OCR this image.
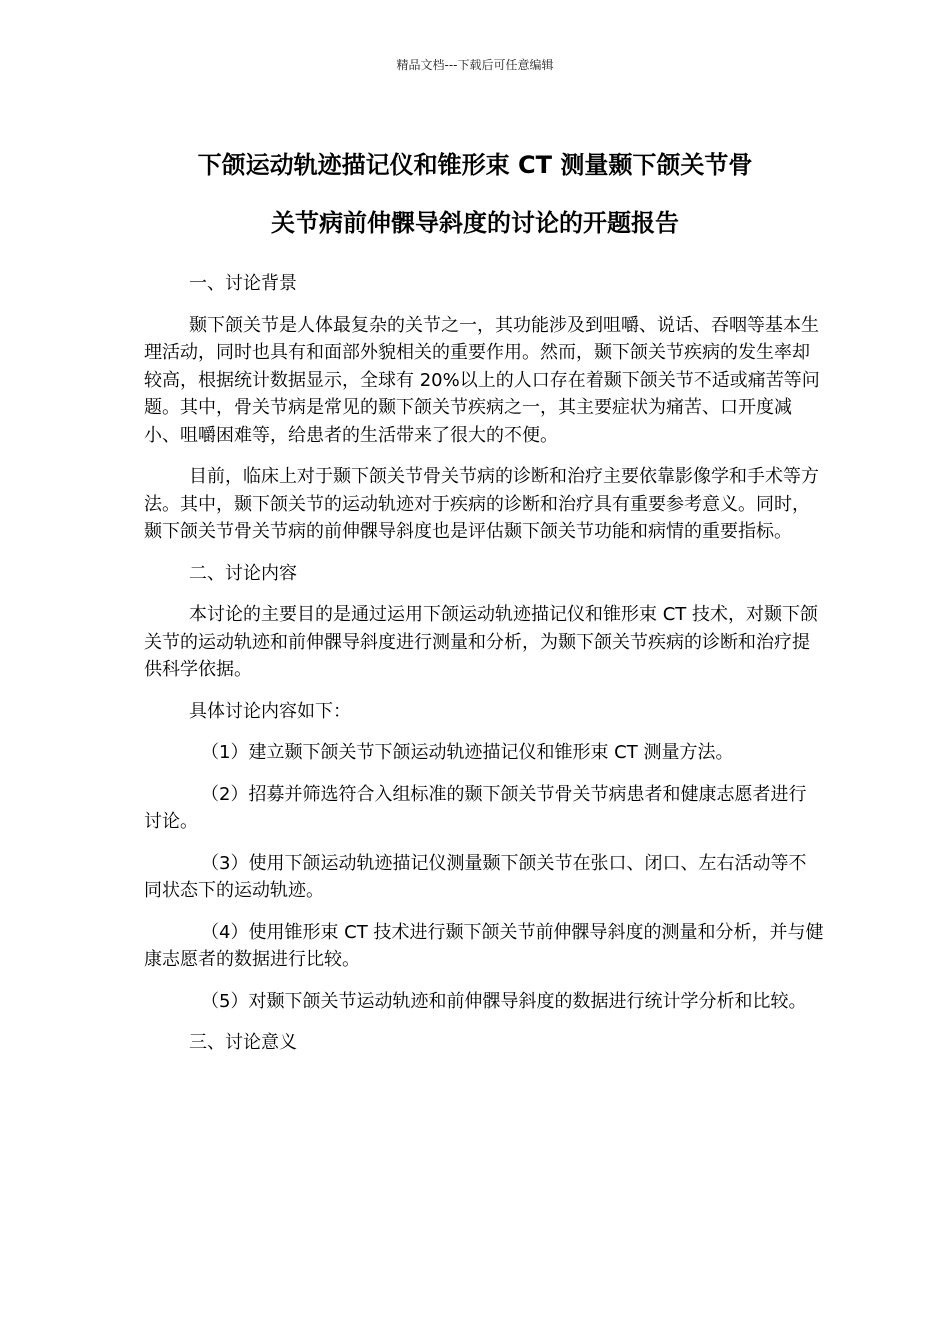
精品文档---下载后可任意编辑
下颌运动轨迹描记仪和锥形束 CT 测量颞下颌关节骨
关节病前伸髁导斜度的讨论的开题报告

一、讨论背景

颞下颌关节是人体最复杂的关节之一，其功能涉及到咀嚼、说话、吞咽等基本生理活动，同时也具有和面部外貌相关的重要作用。然而，颞下颌关节疾病的发生率却较高，根据统计数据显示，全球有 20%以上的人口存在着颞下颌关节不适或痛苦等问题。其中，骨关节病是常见的颞下颌关节疾病之一，其主要症状为痛苦、口开度减小、咀嚼困难等，给患者的生活带来了很大的不便。

目前，临床上对于颞下颌关节骨关节病的诊断和治疗主要依靠影像学和手术等方法。其中，颞下颌关节的运动轨迹对于疾病的诊断和治疗具有重要参考意义。同时，颞下颌关节骨关节病的前伸髁导斜度也是评估颞下颌关节功能和病情的重要指标。

二、讨论内容

本讨论的主要目的是通过运用下颌运动轨迹描记仪和锥形束 CT 技术，对颞下颌关节的运动轨迹和前伸髁导斜度进行测量和分析，为颞下颌关节疾病的诊断和治疗提供科学依据。

具体讨论内容如下：

（1）建立颞下颌关节下颌运动轨迹描记仪和锥形束 CT 测量方法。

（2）招募并筛选符合入组标准的颞下颌关节骨关节病患者和健康志愿者进行讨论。

（3）使用下颌运动轨迹描记仪测量颞下颌关节在张口、闭口、左右活动等不同状态下的运动轨迹。

（4）使用锥形束 CT 技术进行颞下颌关节前伸髁导斜度的测量和分析，并与健康志愿者的数据进行比较。

（5）对颞下颌关节运动轨迹和前伸髁导斜度的数据进行统计学分析和比较。

三、讨论意义
